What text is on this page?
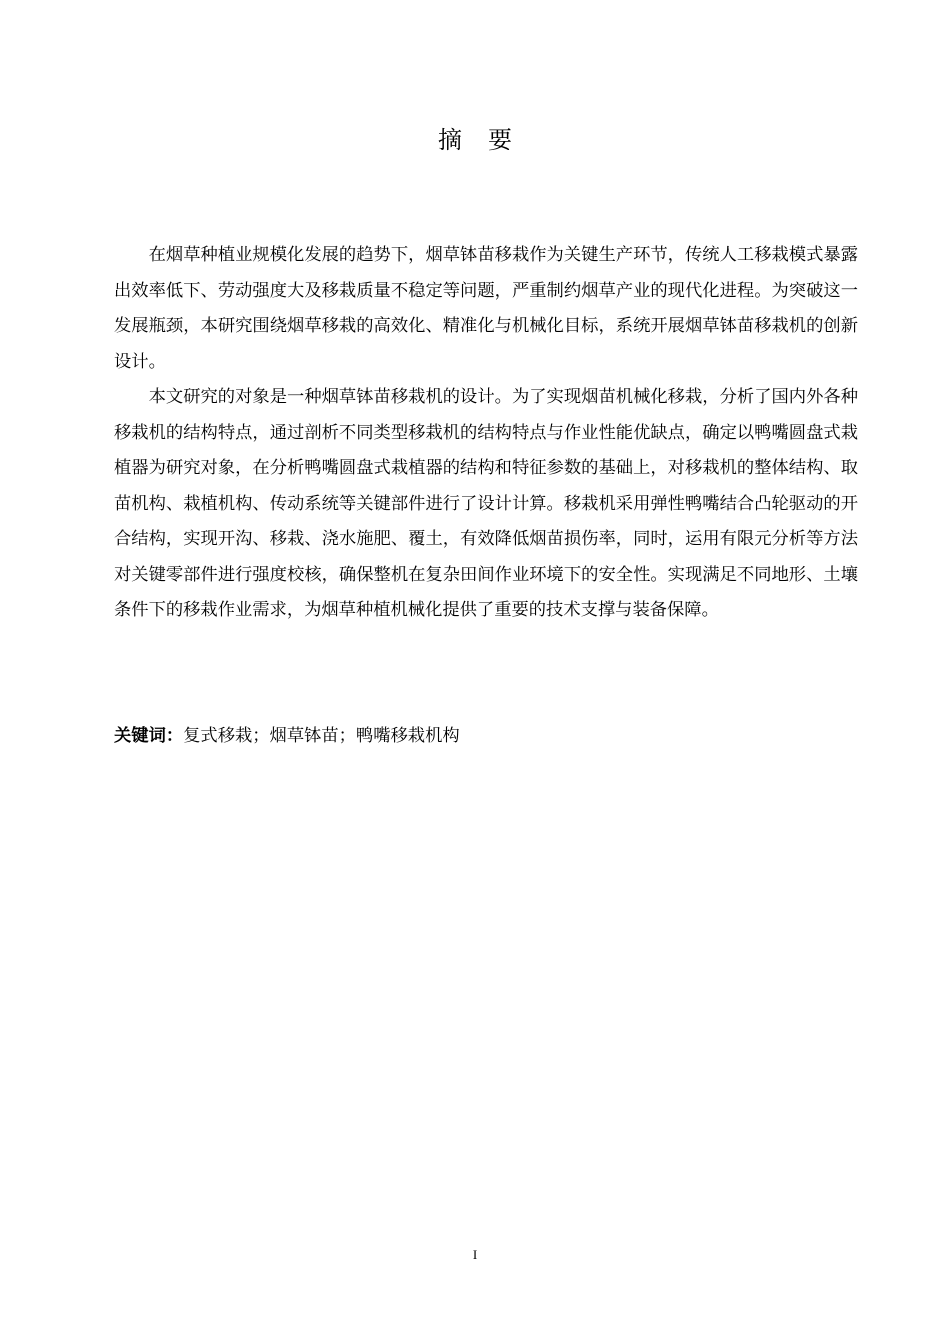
摘 要

在烟草种植业规模化发展的趋势下，烟草钵苗移栽作为关键生产环节，传统人工移栽模式暴露出效率低下、劳动强度大及移栽质量不稳定等问题，严重制约烟草产业的现代化进程。为突破这一发展瓶颈，本研究围绕烟草移栽的高效化、精准化与机械化目标，系统开展烟草钵苗移栽机的创新设计。

本文研究的对象是一种烟草钵苗移栽机的设计。为了实现烟苗机械化移栽，分析了国内外各种移栽机的结构特点，通过剖析不同类型移栽机的结构特点与作业性能优缺点，确定以鸭嘴圆盘式栽植器为研究对象，在分析鸭嘴圆盘式栽植器的结构和特征参数的基础上，对移栽机的整体结构、取苗机构、栽植机构、传动系统等关键部件进行了设计计算。移栽机采用弹性鸭嘴结合凸轮驱动的开合结构，实现开沟、移栽、浇水施肥、覆土，有效降低烟苗损伤率，同时，运用有限元分析等方法对关键零部件进行强度校核，确保整机在复杂田间作业环境下的安全性。实现满足不同地形、土壤条件下的移栽作业需求，为烟草种植机械化提供了重要的技术支撑与装备保障。

关键词：复式移栽；烟草钵苗；鸭嘴移栽机构
I
